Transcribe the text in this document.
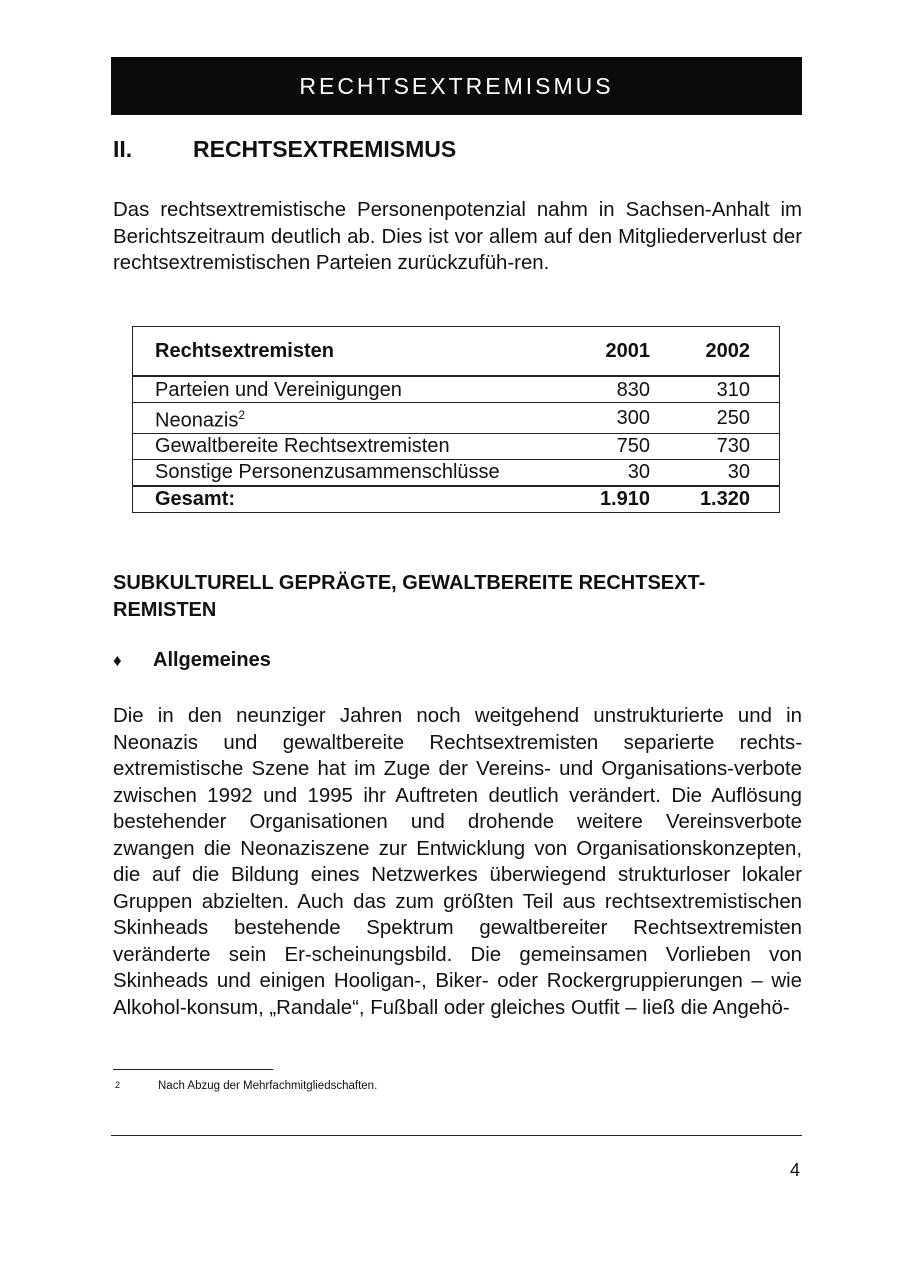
RECHTSEXTREMISMUS
II.	RECHTSEXTREMISMUS

Das rechtsextremistische Personenpotenzial nahm in Sachsen-Anhalt im Berichtszeitraum deutlich ab. Dies ist vor allem auf den Mitgliederverlust der rechtsextremistischen Parteien zurückzufüh-ren.

Rechtsextremisten	2001	2002
Parteien und Vereinigungen	830	310
Neonazis$^2$	300	250
Gewaltbereite Rechtsextremisten	750	730
Sonstige Personenzusammenschlüsse	30	30
Gesamt:	1.910	1.320
SUBKULTURELL GEPRÄGTE, GEWALTBEREITE RECHTSEXT-REMISTEN
♦ Allgemeines

Die in den neunziger Jahren noch weitgehend unstrukturierte und in Neonazis und gewaltbereite Rechtsextremisten separierte rechts-extremistische Szene hat im Zuge der Vereins- und Organisations-verbote zwischen 1992 und 1995 ihr Auftreten deutlich verändert. Die Auflösung bestehender Organisationen und drohende weitere Vereinsverbote zwangen die Neonaziszene zur Entwicklung von Organisationskonzepten, die auf die Bildung eines Netzwerkes überwiegend strukturloser lokaler Gruppen abzielten. Auch das zum größten Teil aus rechtsextremistischen Skinheads bestehende Spektrum gewaltbereiter Rechtsextremisten veränderte sein Er-scheinungsbild. Die gemeinsamen Vorlieben von Skinheads und einigen Hooligan-, Biker- oder Rockergruppierungen – wie Alkohol-konsum, „Randale“, Fußball oder gleiches Outfit – ließ die Angehö-

2	Nach Abzug der Mehrfachmitgliedschaften.
4
